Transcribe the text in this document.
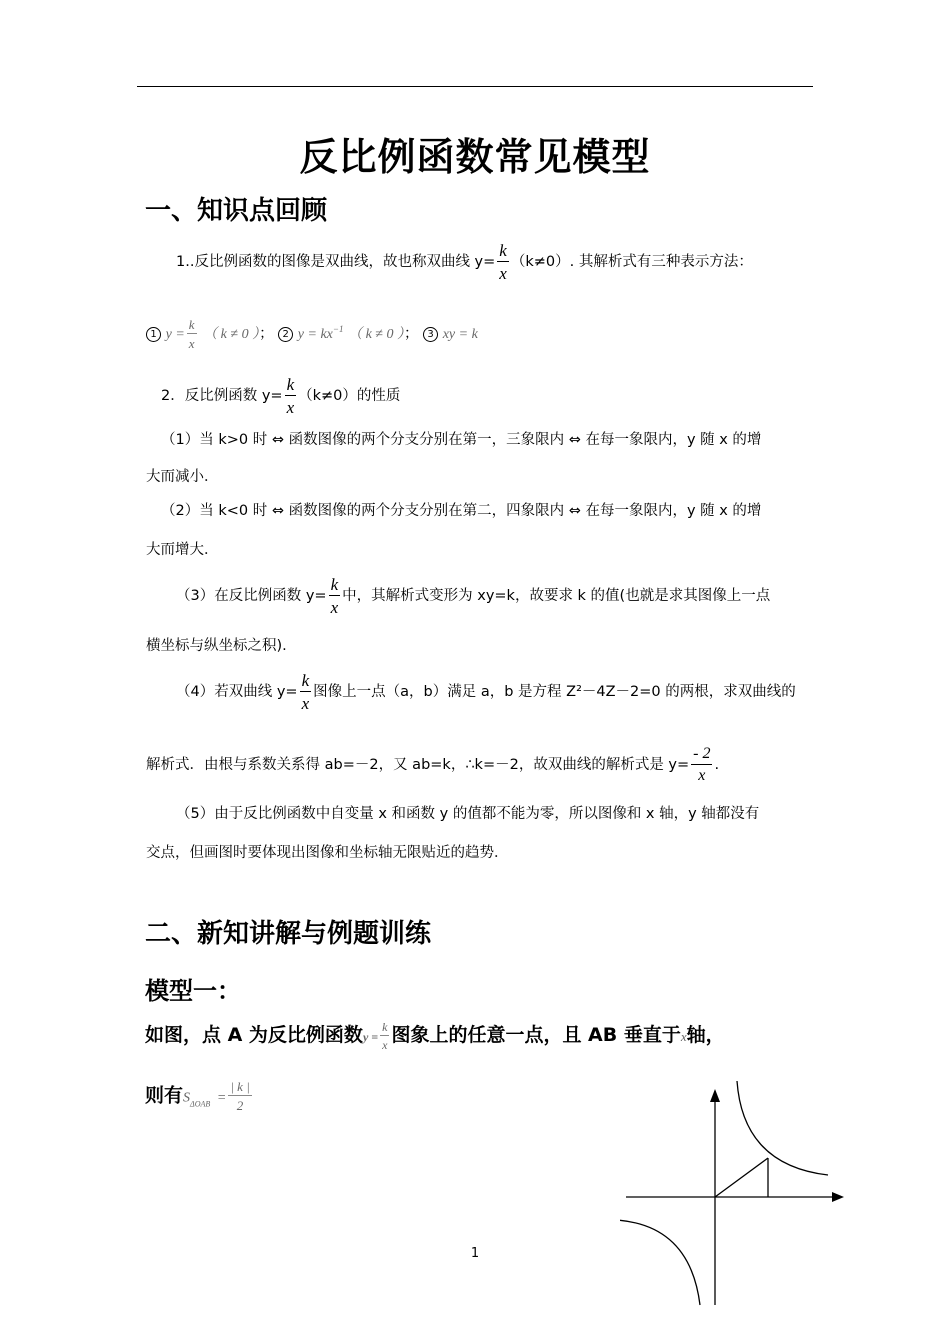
反比例函数常见模型
一、知识点回顾
1..反比例函数的图像是双曲线，故也称双曲线 $y= \frac{k}{x} (k\ne 0)$. 其解析式有三种表示方法：
1 $y = \frac{k}{x}$ （ k ≠ 0 ）； 2 $y = kx^{-1}$ （ k ≠ 0 ）； 3 xy = k
2．反比例函数 $y= \frac{k}{x} (k\ne 0)$的性质
（1）当 k>0 时 ⇔ 函数图像的两个分支分别在第一，三象限内 ⇔ 在每一象限内，y 随 x 的增
大而减小．
（2）当 k<0 时 ⇔ 函数图像的两个分支分别在第二，四象限内 ⇔ 在每一象限内，y 随 x 的增
大而增大．
（3）在反比例函数 $y= \frac{k}{x}$ 中，其解析式变形为 xy=k，故要求 k 的值(也就是求其图像上一点
横坐标与纵坐标之积).
（4）若双曲线 $y= \frac{k}{x}$ 图像上一点（a，b）满足 a，b 是方程 Z²－4Z－2=0 的两根，求双曲线的
解析式．由根与系数关系得 ab=－2，又 ab=k，∴k=－2，故双曲线的解析式是 $y= \frac{- 2}{x}$ .
（5）由于反比例函数中自变量 x 和函数 y 的值都不能为零，所以图像和 x 轴，y 轴都没有
交点，但画图时要体现出图像和坐标轴无限贴近的趋势．
二、新知讲解与例题训练
模型一：
如图，点 A 为反比例函数$y = \frac{k}{x}$ 图象上的任意一点，且 AB 垂直于x轴，
则有$S_{\Delta OAB} = \frac{| k |}{2}$
1
